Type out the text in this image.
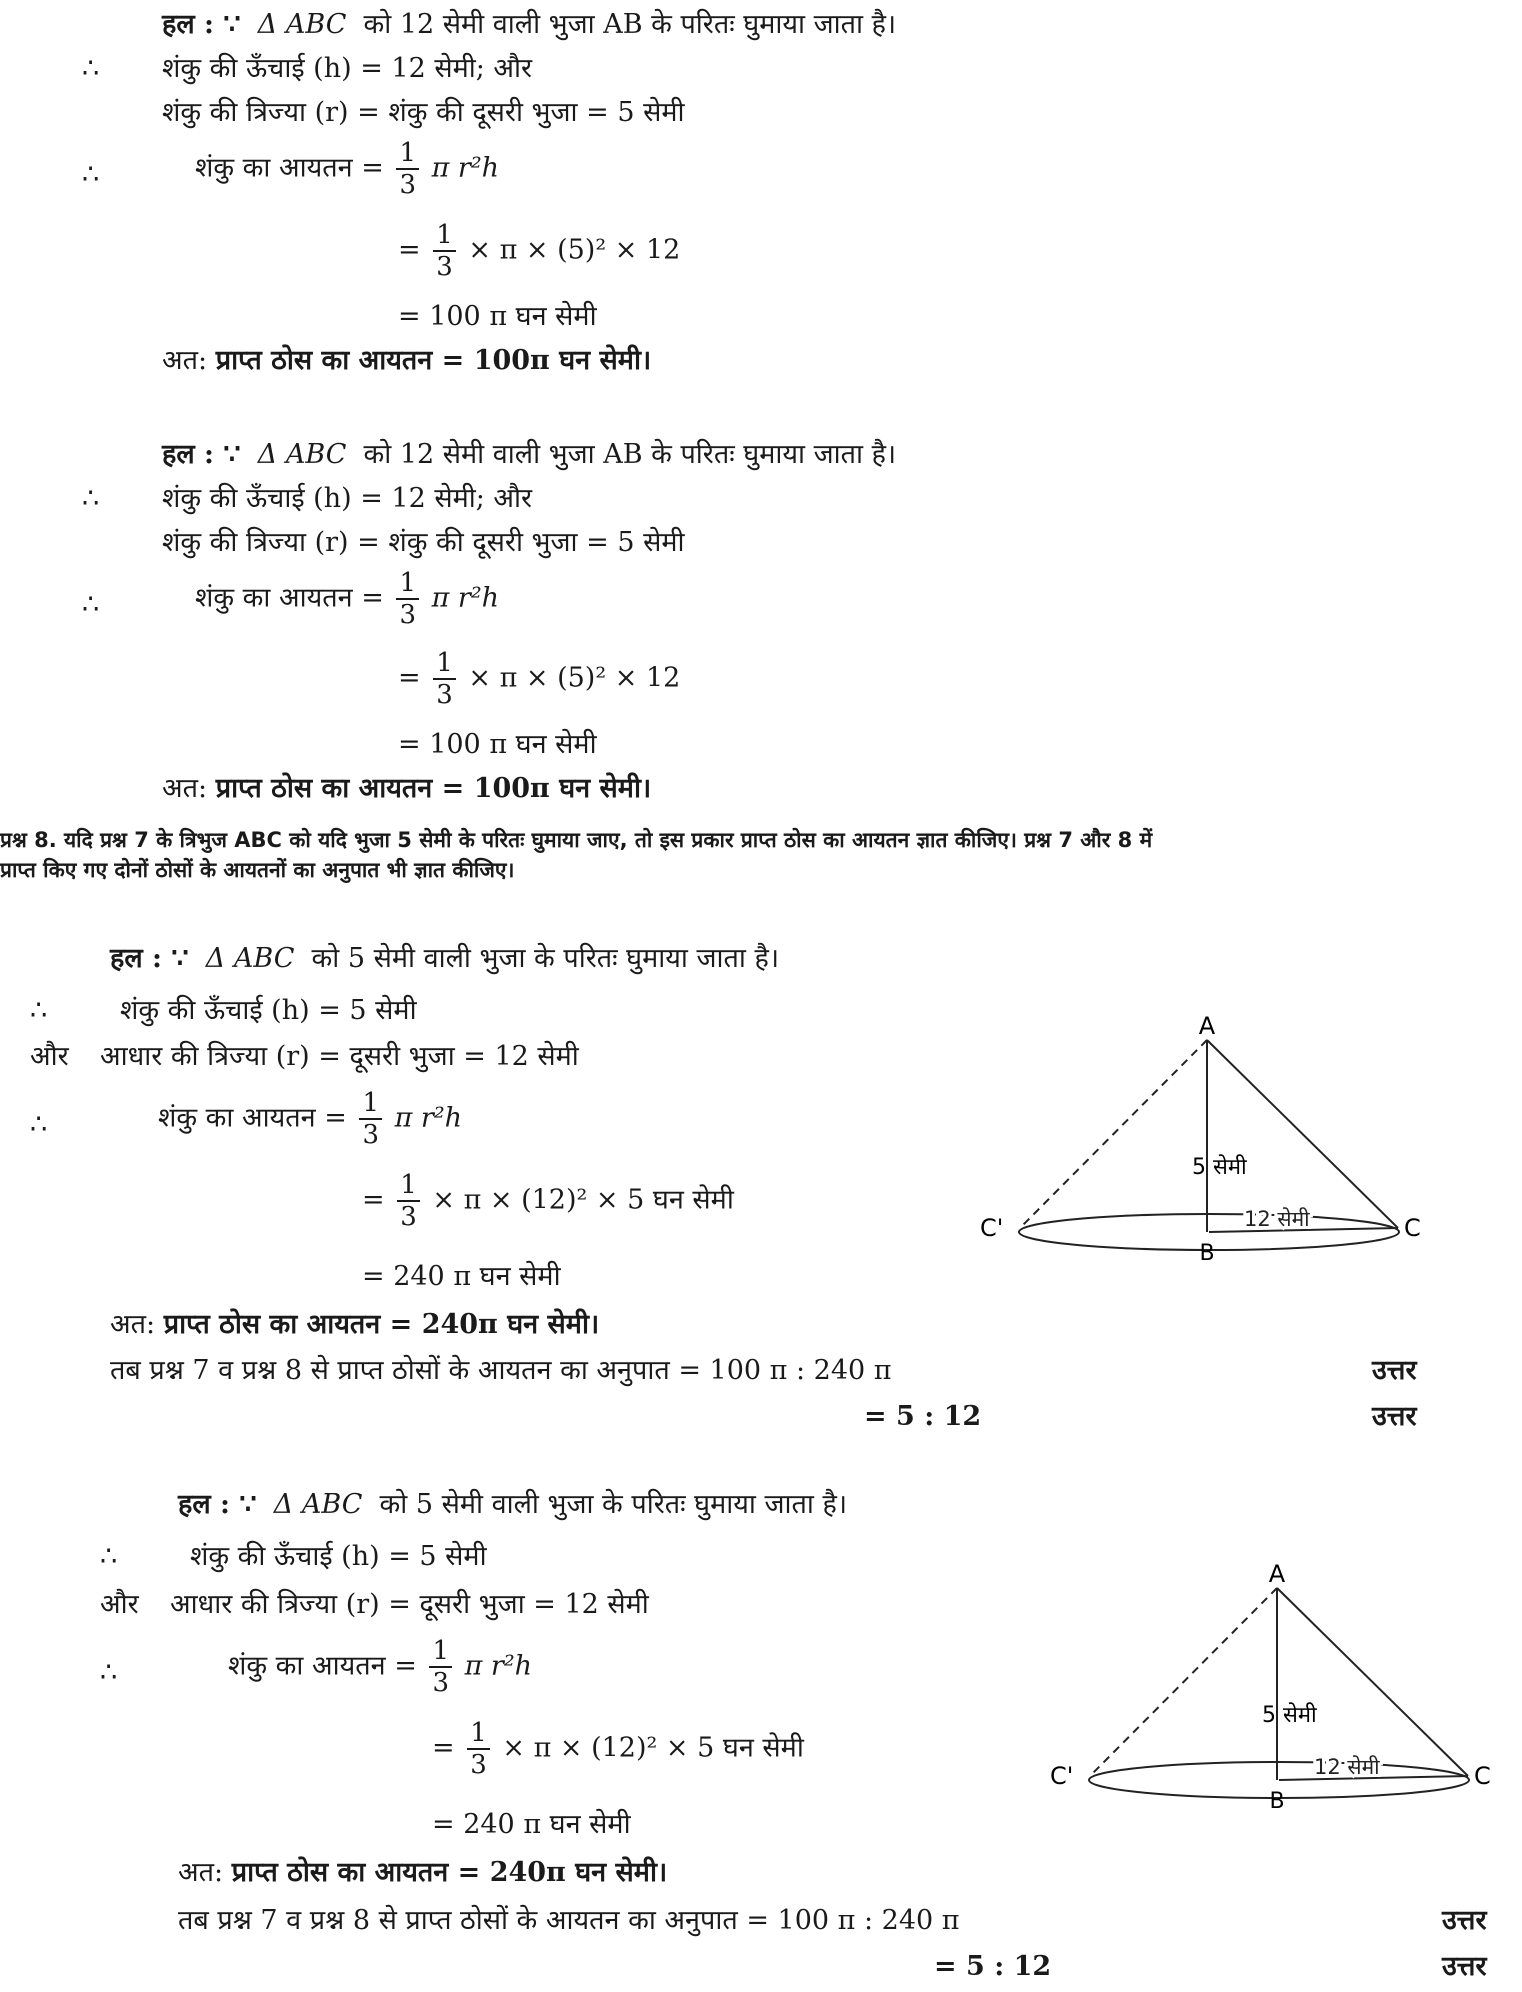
हल : ∵ Δ ABC को 12 सेमी वाली भुजा AB के परितः घुमाया जाता है।
∴ शंकु की ऊँचाई (h) = 12 सेमी; और
शंकु की त्रिज्या (r) = शंकु की दूसरी भुजा = 5 सेमी
∴	शंकु का आयतन = $\frac{1}{3}$ π r²h
= $\frac{1}{3} \times \pi \times (5)^2 \times 12$
= 100 π घन सेमी
अत: प्राप्त ठोस का आयतन = 100π घन सेमी।
हल : ∵ Δ ABC को 12 सेमी वाली भुजा AB के परितः घुमाया जाता है।
∴ शंकु की ऊँचाई (h) = 12 सेमी; और
शंकु की त्रिज्या (r) = शंकु की दूसरी भुजा = 5 सेमी
∴	शंकु का आयतन = $\frac{1}{3}$ π r²h
= $\frac{1}{3} \times \pi \times (5)^2 \times 12$
= 100 π घन सेमी
अत: प्राप्त ठोस का आयतन = 100π घन सेमी।
प्रश्न 8. यदि प्रश्न 7 के त्रिभुज ABC को यदि भुजा 5 सेमी के परितः घुमाया जाए, तो इस प्रकार प्राप्त ठोस का आयतन ज्ञात कीजिए। प्रश्न 7 और 8 में
प्राप्त किए गए दोनों ठोसों के आयतनों का अनुपात भी ज्ञात कीजिए।
हल : ∵ Δ ABC को 5 सेमी वाली भुजा के परितः घुमाया जाता है।
∴	शंकु की ऊँचाई (h) = 5 सेमी
और आधार की त्रिज्या (r) = दूसरी भुजा = 12 सेमी
∴	शंकु का आयतन = $\frac{1}{3}$ π r²h
= $\frac{1}{3} \times \pi \times (12)^2 \times 5$ घन सेमी
= 240 π घन सेमी
अत: प्राप्त ठोस का आयतन = 240π घन सेमी।
तब प्रश्न 7 व प्रश्न 8 से प्राप्त ठोसों के आयतन का अनुपात = 100 π : 240 π	उत्तर
= 5 : 12	उत्तर
A
B
C
C'
5 सेमी
12 सेमी
हल : ∵ Δ ABC को 5 सेमी वाली भुजा के परितः घुमाया जाता है।
∴	शंकु की ऊँचाई (h) = 5 सेमी
और आधार की त्रिज्या (r) = दूसरी भुजा = 12 सेमी
∴	शंकु का आयतन = $\frac{1}{3}$ π r²h
= $\frac{1}{3} \times \pi \times (12)^2 \times 5$ घन सेमी
= 240 π घन सेमी
अत: प्राप्त ठोस का आयतन = 240π घन सेमी।
तब प्रश्न 7 व प्रश्न 8 से प्राप्त ठोसों के आयतन का अनुपात = 100 π : 240 π	उत्तर
= 5 : 12	उत्तर
A
B
C
C'
5 सेमी
12 सेमी
